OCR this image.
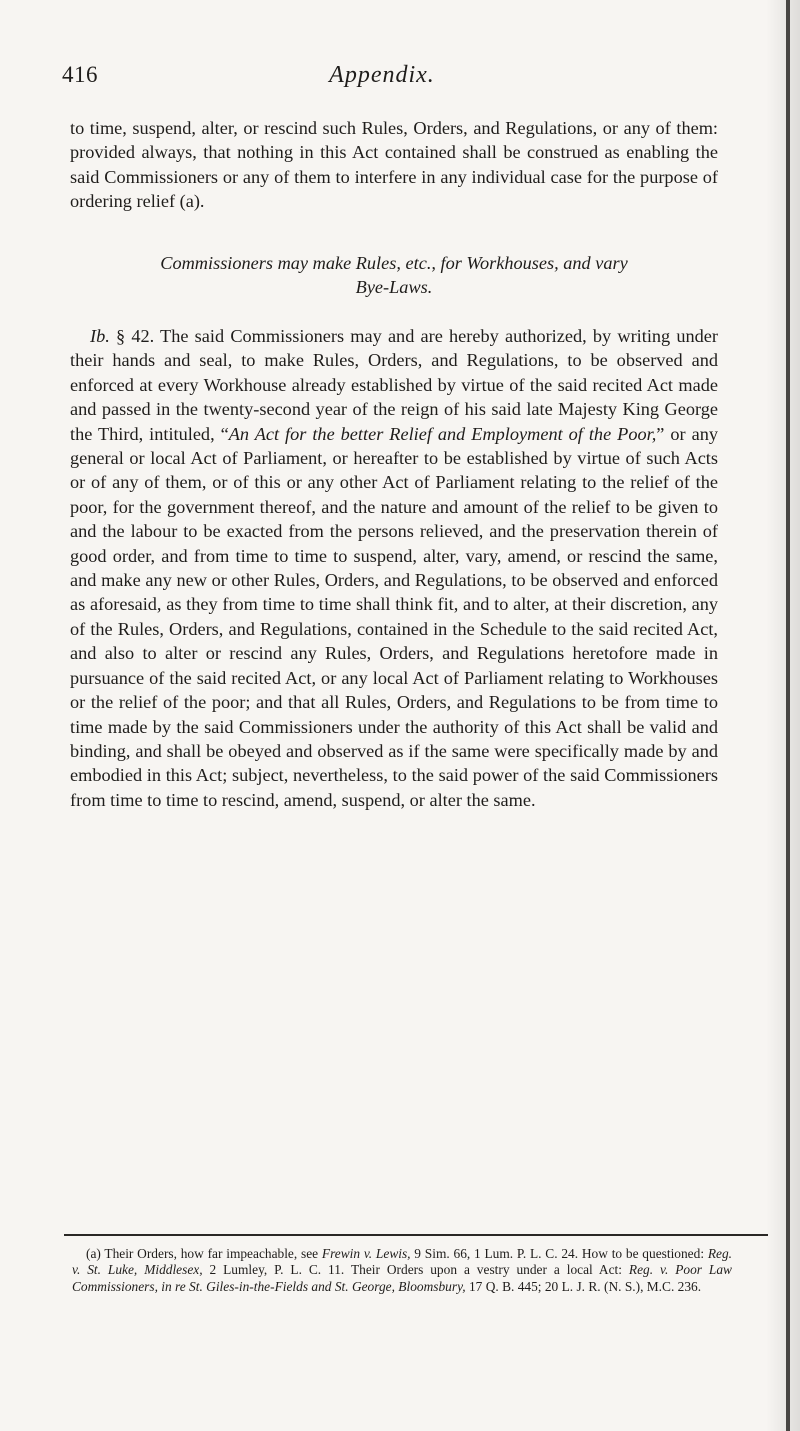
416	Appendix.

to time, suspend, alter, or rescind such Rules, Orders, and Regulations, or any of them: provided always, that nothing in this Act contained shall be construed as enabling the said Commissioners or any of them to interfere in any individual case for the purpose of ordering relief (a).

Commissioners may make Rules, etc., for Workhouses, and vary
Bye-Laws.

Ib. § 42. The said Commissioners may and are hereby authorized, by writing under their hands and seal, to make Rules, Orders, and Regulations, to be observed and enforced at every Workhouse already established by virtue of the said recited Act made and passed in the twenty-second year of the reign of his said late Majesty King George the Third, intituled, “An Act for the better Relief and Employment of the Poor,” or any general or local Act of Parliament, or hereafter to be established by virtue of such Acts or of any of them, or of this or any other Act of Parliament relating to the relief of the poor, for the government thereof, and the nature and amount of the relief to be given to and the labour to be exacted from the persons relieved, and the preservation therein of good order, and from time to time to suspend, alter, vary, amend, or rescind the same, and make any new or other Rules, Orders, and Regulations, to be observed and enforced as aforesaid, as they from time to time shall think fit, and to alter, at their discretion, any of the Rules, Orders, and Regulations, contained in the Schedule to the said recited Act, and also to alter or rescind any Rules, Orders, and Regulations heretofore made in pursuance of the said recited Act, or any local Act of Parliament relating to Workhouses or the relief of the poor; and that all Rules, Orders, and Regulations to be from time to time made by the said Commissioners under the authority of this Act shall be valid and binding, and shall be obeyed and observed as if the same were specifically made by and embodied in this Act; subject, nevertheless, to the said power of the said Commissioners from time to time to rescind, amend, suspend, or alter the same.

(a) Their Orders, how far impeachable, see Frewin v. Lewis, 9 Sim. 66, 1 Lum. P. L. C. 24. How to be questioned: Reg. v. St. Luke, Middlesex, 2 Lumley, P. L. C. 11. Their Orders upon a vestry under a local Act: Reg. v. Poor Law Commissioners, in re St. Giles-in-the-Fields and St. George, Bloomsbury, 17 Q. B. 445; 20 L. J. R. (N. S.), M.C. 236.
